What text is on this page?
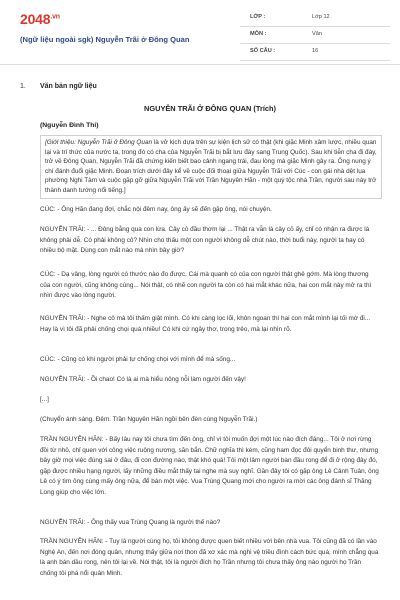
$2048^{.vn}$
(Ngữ liệu ngoài sgk) Nguyễn Trãi ở Đông Quan
LỚP :	Lớp 12
MÔN :	Văn
SỐ CÂU :	16
1. Văn bản ngữ liệu
NGUYỄN TRÃI Ở ĐÔNG QUAN (Trích)
(Nguyễn Đình Thi)
[Giới thiệu: Nguyễn Trãi ở Đông Quan là vở kịch dựa trên sự kiện lịch sử có thật (khi giặc Minh xâm lược, nhiều quan lại và trí thức của nước ta, trong đó có cha của Nguyễn Trãi bị bắt lưu đày sang Trung Quốc). Sau khi tiễn cha đi đày, trở về Đông Quan, Nguyễn Trãi đã chứng kiến biết bao cảnh ngang trái, đau lòng mà giặc Minh gây ra. Ông nung ý chí đánh đuổi giặc Minh. Đoạn trích dưới đây kể về cuộc đối thoại giữa Nguyễn Trãi với Cúc - con gái nhà dệt lụa phường Nghi Tàm và cuộc gặp gỡ giữa Nguyễn Trãi với Trần Nguyên Hãn - một quý tộc nhà Trần, người sau này trở thành danh tướng nổi tiếng.]
CÚC: - Ông Hãn đang đợi, chắc nội đêm nay, ông ấy sẽ đến gặp ông, nói chuyện.
NGUYỄN TRÃI: - ... Đông bằng qua con lừa. Cây cỏ đầu thơm lại ... Thật ra vẫn là cây cỏ ấy, chỉ có nhận ra được là không phải dễ. Có phải không cô? Nhìn cho thấu một con người không dễ chút nào, thời buổi này, người ta hay có nhiều bộ mặt. Dùng con mắt nào mà nhìn bây giờ?
CÚC: - Dạ vâng, lòng người có thước nào đo được. Cái mà quanh có của con người thật ghê gớm. Mà lòng thương của con người, cũng không cùng... Nói thật, có nhẽ con người ta còn có hai mắt khác nữa, hai con mắt này mở ra thì nhìn được vào lòng người.
NGUYỄN TRÃI: - Nghe cô mà tôi thấm giật mình. Có khi càng lọc lõi, khôn ngoan thì hai con mắt mình lại tối mờ đi... Hay là vì tôi đã phải chống chọi quá nhiều! Có khi cứ ngây thơ, trong trẻo, mà lại nhìn rõ.
CÚC: - Cũng có khi người phải tự chống chọi với mình để mà sống...
NGUYỄN TRÃI: - Ồi chao! Có là ai mà hiểu nông nỗi làm người đến vậy!
[...]
(Chuyển ánh sáng. Đêm. Trần Nguyên Hãn ngồi bên đèn cùng Nguyễn Trãi.)
TRẦN NGUYÊN HÃN: - Bấy lâu nay tôi chưa tìm đến ông, chỉ vì tôi muốn đợi một lúc nào đích đáng... Tôi ở nơi rừng đồi từ nhỏ, chỉ quen với công việc ruộng nương, săn bắn. Chữ nghĩa thì kém, cũng ham đọc đôi quyển binh thư, nhưng bây giờ mọi việc đúng sai ở đâu, đi con đường nào, thật khó quá! Tôi một lâm người bàn đầu rong để đi ở rộng đây đó, gặp được nhiều hạng người, lấy những điều mắt thấy tai nghe mà suy nghĩ. Gần đây tôi có gặp ông Lê Cảnh Tuân, ông Lê có ý tìm ông cùng mấy ông nữa, để bàn một việc. Vua Trùng Quang mới cho người ra mời các ông đánh sĩ Thăng Long giúp cho việc lớn.
NGUYỄN TRÃI: - Ông thấy vua Trùng Quang là người thế nào?
TRẦN NGUYÊN HÃN: - Tuy là người cùng họ, tôi không được quen biết nhiều với bên nhà vua. Tôi cũng đã có lần vào Nghệ An, đến nơi đóng quân, nhưng thấy giữa nơi thon đã xơ xác mà nghi vệ triều đình cách bức quá, mình chẳng qua là anh bán dầu rong, nên tôi lại về. Nói thật, tôi là người đích họ Trần nhưng tôi chưa thấy ông nào người họ Trần chống tôi phá nổi quân Minh.
